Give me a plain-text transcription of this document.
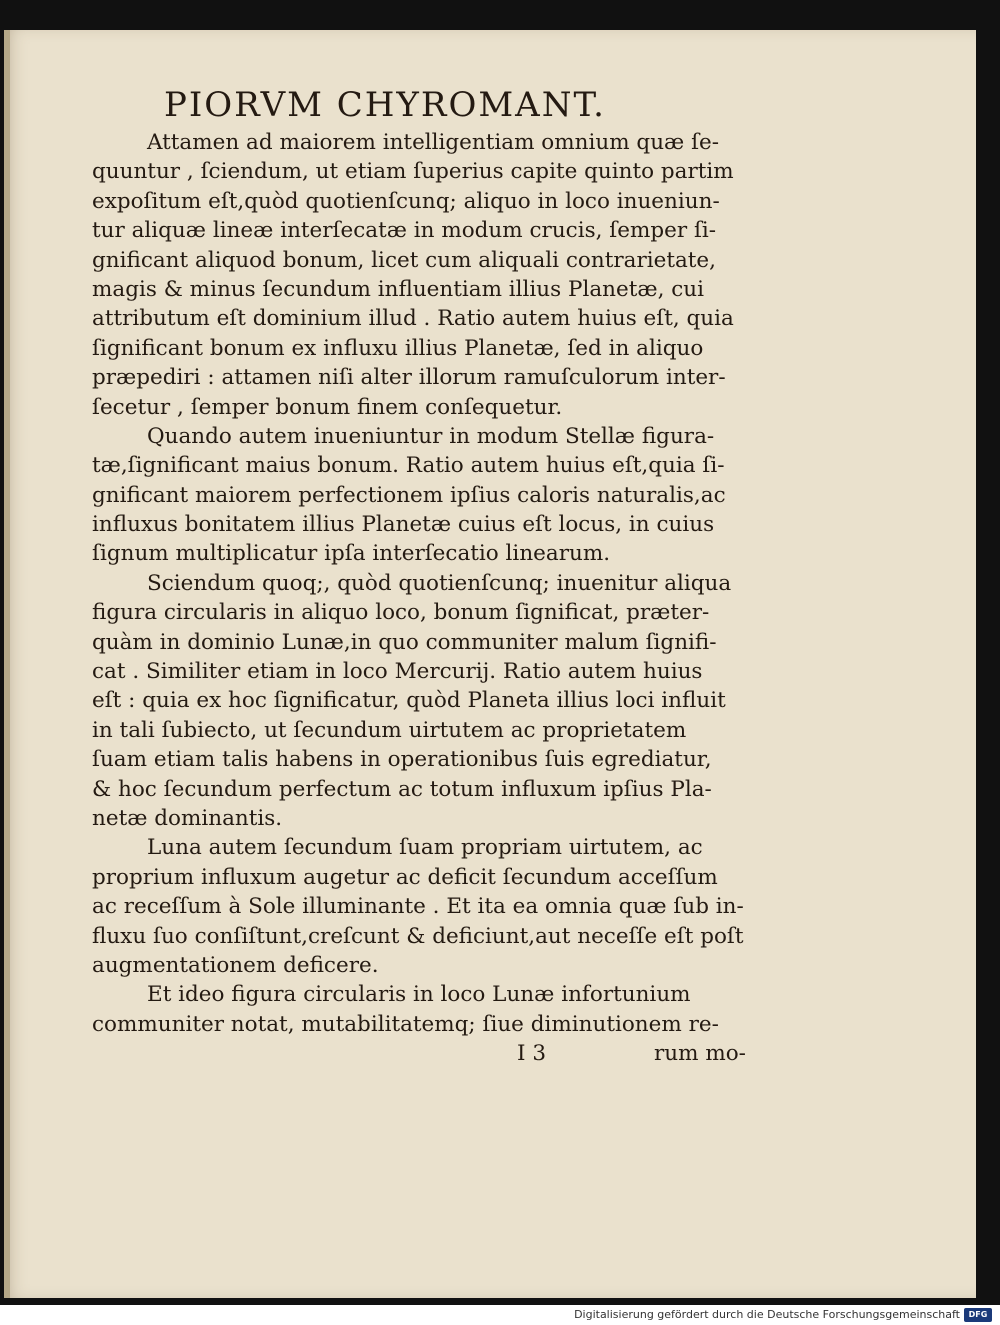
PIORVM CHYROMANT.
Attamen ad maiorem intelligentiam omnium quæ ſe-
quuntur , ſciendum, ut etiam ſuperius capite quinto partim
expoſitum eſt,quòd quotienſcunq; aliquo in loco inueniun-
tur aliquæ lineæ interſecatæ in modum crucis, ſemper ſi-
gnificant aliquod bonum, licet cum aliquali contrarietate,
magis & minus ſecundum influentiam illius Planetæ, cui
attributum eſt dominium illud . Ratio autem huius eſt, quia
ſignificant bonum ex influxu illius Planetæ, ſed in aliquo
præpediri : attamen niſi alter illorum ramuſculorum inter-
ſecetur , ſemper bonum finem conſequetur.
Quando autem inueniuntur in modum Stellæ figura-
tæ,ſignificant maius bonum. Ratio autem huius eſt,quia ſi-
gnificant maiorem perfectionem ipſius caloris naturalis,ac
influxus bonitatem illius Planetæ cuius eſt locus, in cuius
ſignum multiplicatur ipſa interſecatio linearum.
Sciendum quoq;, quòd quotienſcunq; inuenitur aliqua
figura circularis in aliquo loco, bonum ſignificat, præter-
quàm in dominio Lunæ,in quo communiter malum ſignifi-
cat . Similiter etiam in loco Mercurij. Ratio autem huius
eſt : quia ex hoc ſignificatur, quòd Planeta illius loci influit
in tali ſubiecto, ut ſecundum uirtutem ac proprietatem
ſuam etiam talis habens in operationibus ſuis egrediatur,
& hoc ſecundum perfectum ac totum influxum ipſius Pla-
netæ dominantis.
Luna autem ſecundum ſuam propriam uirtutem, ac
proprium influxum augetur ac deficit ſecundum acceſſum
ac receſſum à Sole illuminante . Et ita ea omnia quæ ſub in-
fluxu ſuo conſiſtunt,creſcunt & deficiunt,aut neceſſe eſt poſt
augmentationem deficere.
Et ideo figura circularis in loco Lunæ infortunium
communiter notat, mutabilitatemq; ſiue diminutionem re-
I 3	rum mo-
Digitalisierung gefördert durch die Deutsche Forschungsgemeinschaft	DFG
